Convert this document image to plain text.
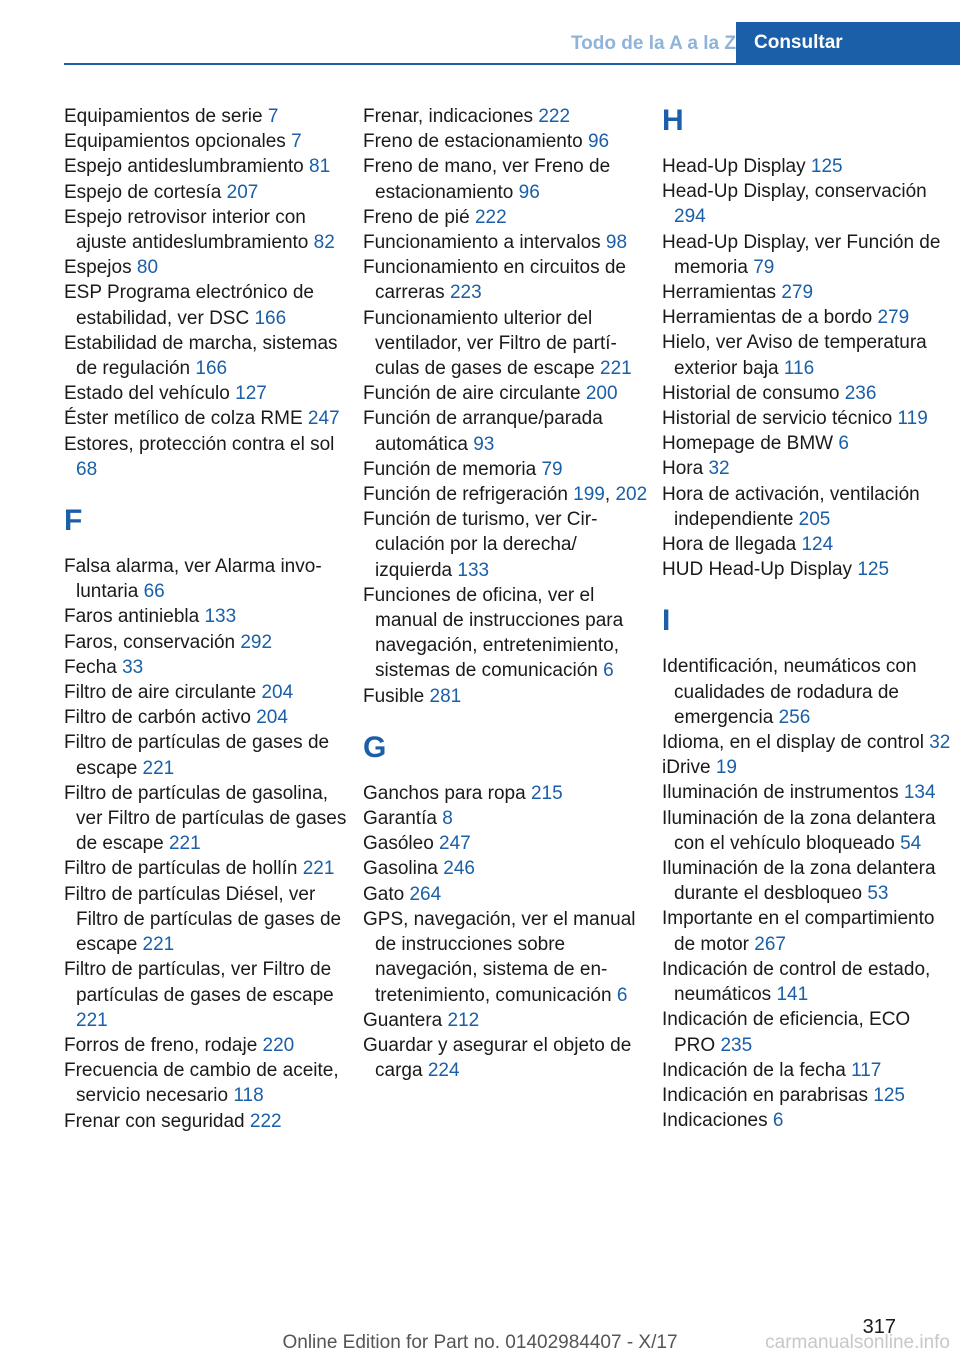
Todo de la A a la Z Consultar
Equipamientos de serie 7
Equipamientos opcionales 7
Espejo antideslumbramiento 81
Espejo de cortesía 207
Espejo retrovisor interior con ajuste antideslumbramiento 82
Espejos 80
ESP Programa electrónico de estabilidad, ver DSC 166
Estabilidad de marcha, sistemas de regulación 166
Estado del vehículo 127
Éster metílico de colza RME 247
Estores, protección contra el sol 68
F
Falsa alarma, ver Alarma involuntaria 66
Faros antiniebla 133
Faros, conservación 292
Fecha 33
Filtro de aire circulante 204
Filtro de carbón activo 204
Filtro de partículas de gases de escape 221
Filtro de partículas de gasolina, ver Filtro de partículas de gases de escape 221
Filtro de partículas de hollín 221
Filtro de partículas Diésel, ver Filtro de partículas de gases de escape 221
Filtro de partículas, ver Filtro de partículas de gases de escape 221
Forros de freno, rodaje 220
Frecuencia de cambio de aceite, servicio necesario 118
Frenar con seguridad 222
Frenar, indicaciones 222
Freno de estacionamiento 96
Freno de mano, ver Freno de estacionamiento 96
Freno de pié 222
Funcionamiento a intervalos 98
Funcionamiento en circuitos de carreras 223
Funcionamiento ulterior del ventilador, ver Filtro de partículas de gases de escape 221
Función de aire circulante 200
Función de arranque/parada automática 93
Función de memoria 79
Función de refrigeración 199, 202
Función de turismo, ver Circulación por la derecha/​izquierda 133
Funciones de oficina, ver el manual de instrucciones para navegación, entretenimiento, sistemas de comunicación 6
Fusible 281
G
Ganchos para ropa 215
Garantía 8
Gasóleo 247
Gasolina 246
Gato 264
GPS, navegación, ver el manual de instrucciones sobre navegación, sistema de entretenimiento, comunicación 6
Guantera 212
Guardar y asegurar el objeto de carga 224
H
Head-Up Display 125
Head-Up Display, conservación 294
Head-Up Display, ver Función de memoria 79
Herramientas 279
Herramientas de a bordo 279
Hielo, ver Aviso de temperatura exterior baja 116
Historial de consumo 236
Historial de servicio técnico 119
Homepage de BMW 6
Hora 32
Hora de activación, ventilación independiente 205
Hora de llegada 124
HUD Head-Up Display 125
I
Identificación, neumáticos con cualidades de rodadura de emergencia 256
Idioma, en el display de control 32
iDrive 19
Iluminación de instrumentos 134
Iluminación de la zona delantera con el vehículo bloqueado 54
Iluminación de la zona delantera durante el desbloqueo 53
Importante en el compartimiento de motor 267
Indicación de control de estado, neumáticos 141
Indicación de eficiencia, ECO PRO 235
Indicación de la fecha 117
Indicación en parabrisas 125
Indicaciones 6
317
Online Edition for Part no. 01402984407 - X/17	carmanualsonline.info
